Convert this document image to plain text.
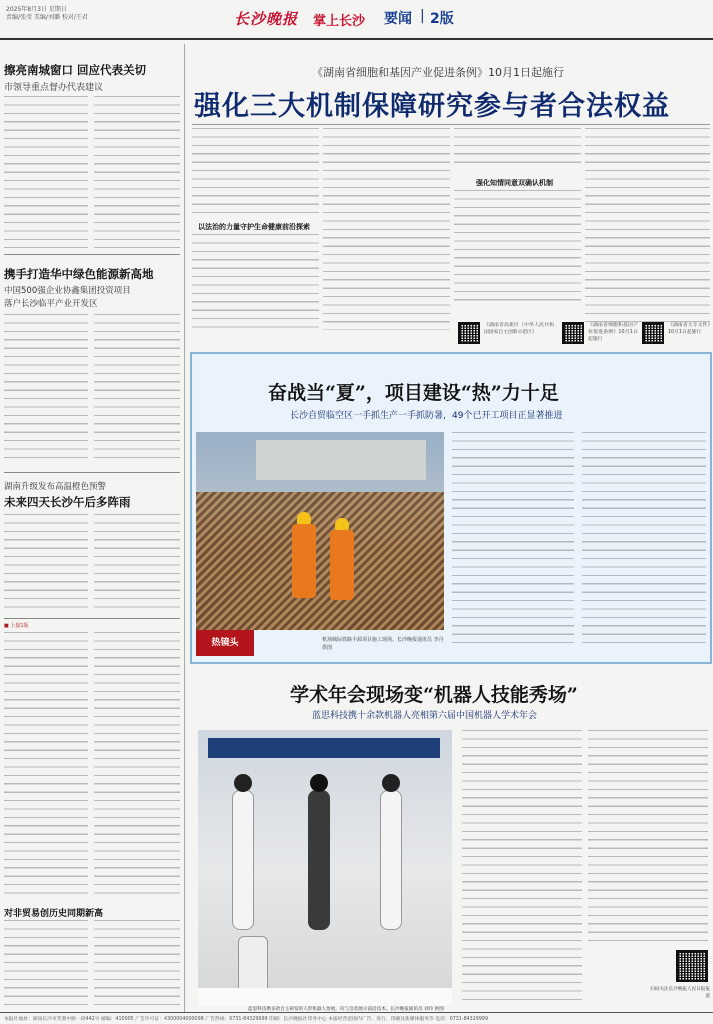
2025年8月3日 星期日
责编/张莹 美编/刘璐 校对/王君	长沙晚报 掌上长沙 要闻 | 2版
擦亮南城窗口 回应代表关切
市领导重点督办代表建议
携手打造华中绿色能源新高地
中国500强企业协鑫集团投资项目
落户长沙临平产业开发区
湖南升级发布高温橙色预警
未来四天长沙午后多阵雨
■ 上接1版
对非贸易创历史同期新高
《湖南省细胞和基因产业促进条例》10月1日起施行
强化三大机制保障研究参与者合法权益
以法治的力量守护生命健康前沿探索
强化知情同意双确认机制
《湖南省高新区（中华人民共和国国家自主创新示范区》
《湖南省细胞和基因产业促进条例》10月1日起施行
《湖南省大专文件》10月1日起施行
奋战当“夏”，项目建设“热”力十足
长沙自贸临空区一手抓生产一手抓防暑，49个已开工项目正显著推进
热镜头	机场城际铁路丰源项目施工现场。长沙晚报通讯员 李丹 供图
学术年会现场变“机器人技能秀场”
蓝思科技携十余款机器人亮相第六届中国机器人学术年会
蓝思科技携多款自主研发的人形机器人参展，向与会者展示前沿技术。长沙晚报通讯员 刘玲 供图
扫码关注长沙晚报人民日报报道
本报社地址：湖南长沙市芙蓉中路一段442号 邮编：410005 广告许可证：4300004000098 广告热线：0731-84329999 印刷：长沙晚报社印务中心 本报经营范围内广告、发行、印刷及新媒体服务等 电话：0731-84329999
